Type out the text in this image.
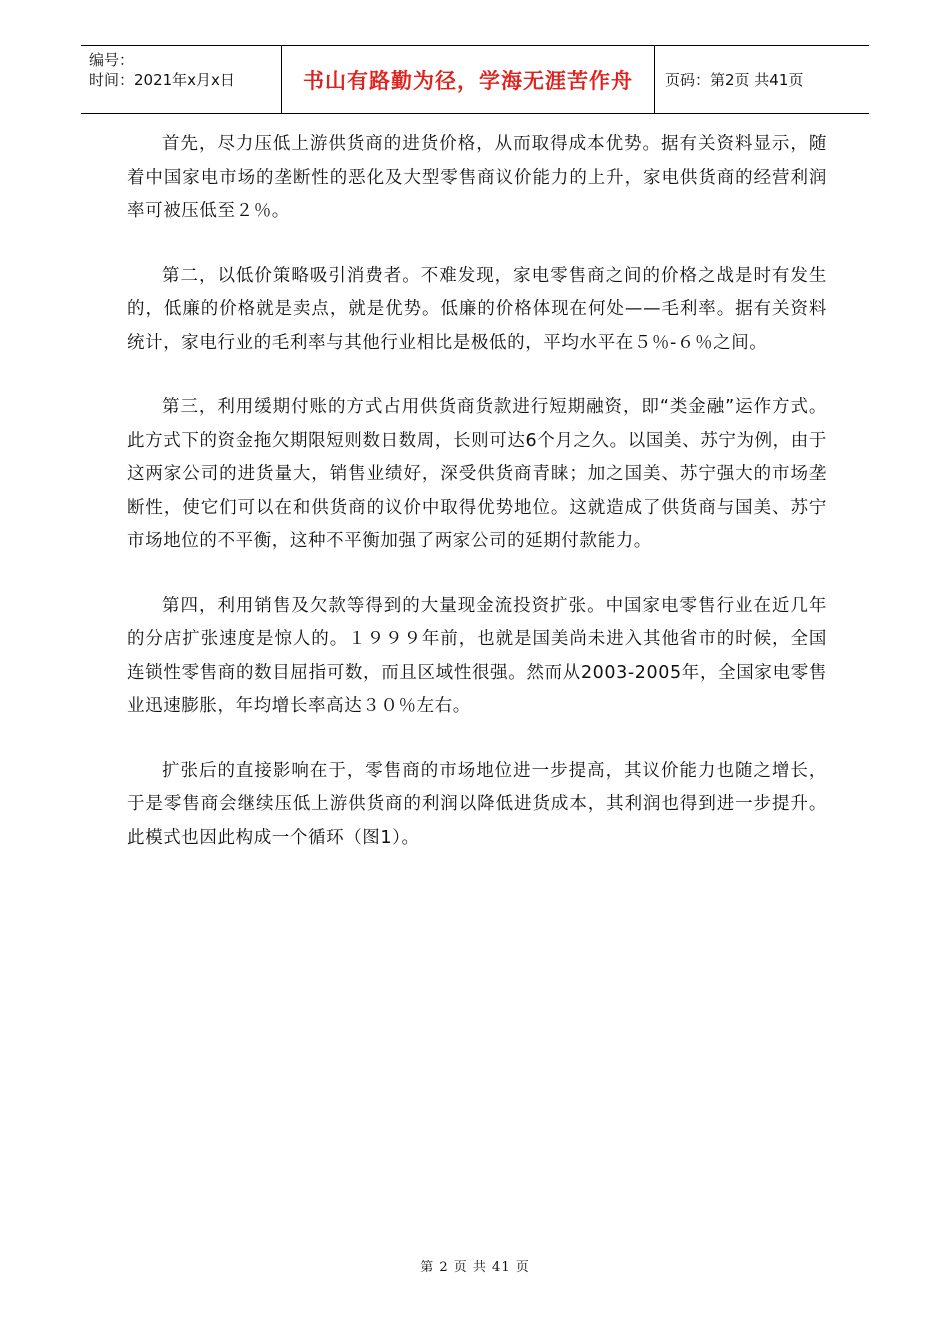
编号：
时间：2021年x月x日	书山有路勤为径，学海无涯苦作舟	页码：第2页 共41页

首先，尽力压低上游供货商的进货价格，从而取得成本优势。据有关资料显示，随着中国家电市场的垄断性的恶化及大型零售商议价能力的上升，家电供货商的经营利润率可被压低至２％。

第二，以低价策略吸引消费者。不难发现，家电零售商之间的价格之战是时有发生的，低廉的价格就是卖点，就是优势。低廉的价格体现在何处——毛利率。据有关资料统计，家电行业的毛利率与其他行业相比是极低的，平均水平在５％-６％之间。

第三，利用缓期付账的方式占用供货商货款进行短期融资，即“类金融”运作方式。此方式下的资金拖欠期限短则数日数周，长则可达6个月之久。以国美、苏宁为例，由于这两家公司的进货量大，销售业绩好，深受供货商青睐；加之国美、苏宁强大的市场垄断性，使它们可以在和供货商的议价中取得优势地位。这就造成了供货商与国美、苏宁市场地位的不平衡，这种不平衡加强了两家公司的延期付款能力。

第四，利用销售及欠款等得到的大量现金流投资扩张。中国家电零售行业在近几年的分店扩张速度是惊人的。１９９９年前，也就是国美尚未进入其他省市的时候，全国连锁性零售商的数目屈指可数，而且区域性很强。然而从2003-2005年，全国家电零售业迅速膨胀，年均增长率高达３０％左右。

扩张后的直接影响在于，零售商的市场地位进一步提高，其议价能力也随之增长，于是零售商会继续压低上游供货商的利润以降低进货成本，其利润也得到进一步提升。此模式也因此构成一个循环（图1）。

第 2 页 共 41 页
